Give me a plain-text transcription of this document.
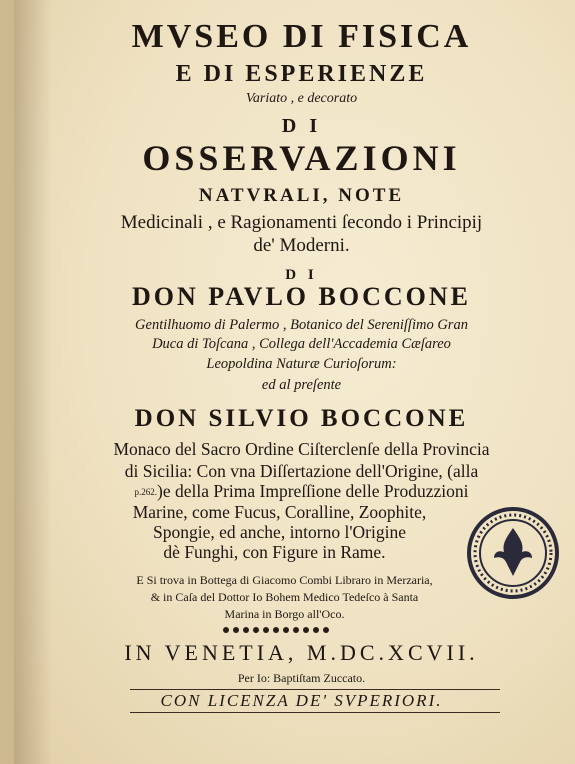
MVSEO DI FISICA
E DI ESPERIENZE
Variato , e decorato
D I
OSSERVAZIONI
NATVRALI, NOTE
Medicinali , e Ragionamenti ſecondo i Principij
de' Moderni.
D I
DON PAVLO BOCCONE
Gentilhuomo di Palermo , Botanico del Sereniſſimo Gran
Duca di Toſcana , Collega dell'Accademia Cæſareo
Leopoldina Naturæ Curioſorum:
ed al preſente
DON SILVIO BOCCONE
Monaco del Sacro Ordine Ciſterclenſe della Provincia
di Sicilia: Con vna Diſſertazione dell'Origine, (alla
$^{p.262.}$)e della Prima Impreſſione delle Produzzioni
Marine, come Fucus, Coralline, Zoophite,
Spongie, ed anche, intorno l'Origine
dè Funghi, con Figure in Rame.
E Si trova in Bottega di Giacomo Combi Libraro in Merzaria,
& in Caſa del Dottor Io Bohem Medico Tedeſco à Santa
Marina in Borgo all'Oco.
IN VENETIA, M.DC.XCVII.
Per Io: Baptiſtam Zuccato.
CON LICENZA DE' SVPERIORI.
